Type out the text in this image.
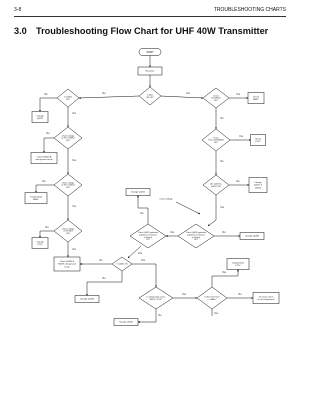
3-8	TROUBLESHOOTING CHARTS
3.0 Troubleshooting Flow Chart for UHF 40W Transmitter
START
No power
Is Bias Vtlt OK?
Is Q4471 OK?
Check IC1/U4501 OK?
Check ASFC
Change Q4471
Check voltage on Pin 4 U4501 OK?
Check R4425 A and go back to top
Check PCIC (U4350B/4) OK?
Check PCIC
Check voltage on Pin 4 U4501 OK?
Troubleshoot ASFC
Are Q4471 & Q4472 OK?
Change Q4471 & Q4472
Change Q4421
Check voltage
Check voltage on PT4401 OK?
Change PCIC
Check Q4421 gate/cont and drain resistances (<1ohms) OK?
Check Q4431 gate/cont and drain resistances (<1ohms) OK?
Change Q4431
Check R4426 & R4473 and go back to top
Is Q4441 OK
Troubleshoot PCIC
Change Q4434
Is voltage drop across R4457 <0.5V?
Is drive from VCO < +4dBm?
Do visual check on all components
Change U4441
No	Yes
No
Yes
Yes
No
No
Yes
Yes
No
No
Yes
No
Yes
No
Yes
No
Yes
No
Yes
No
No
Yes
Yes
Yes
No
No
Yes
